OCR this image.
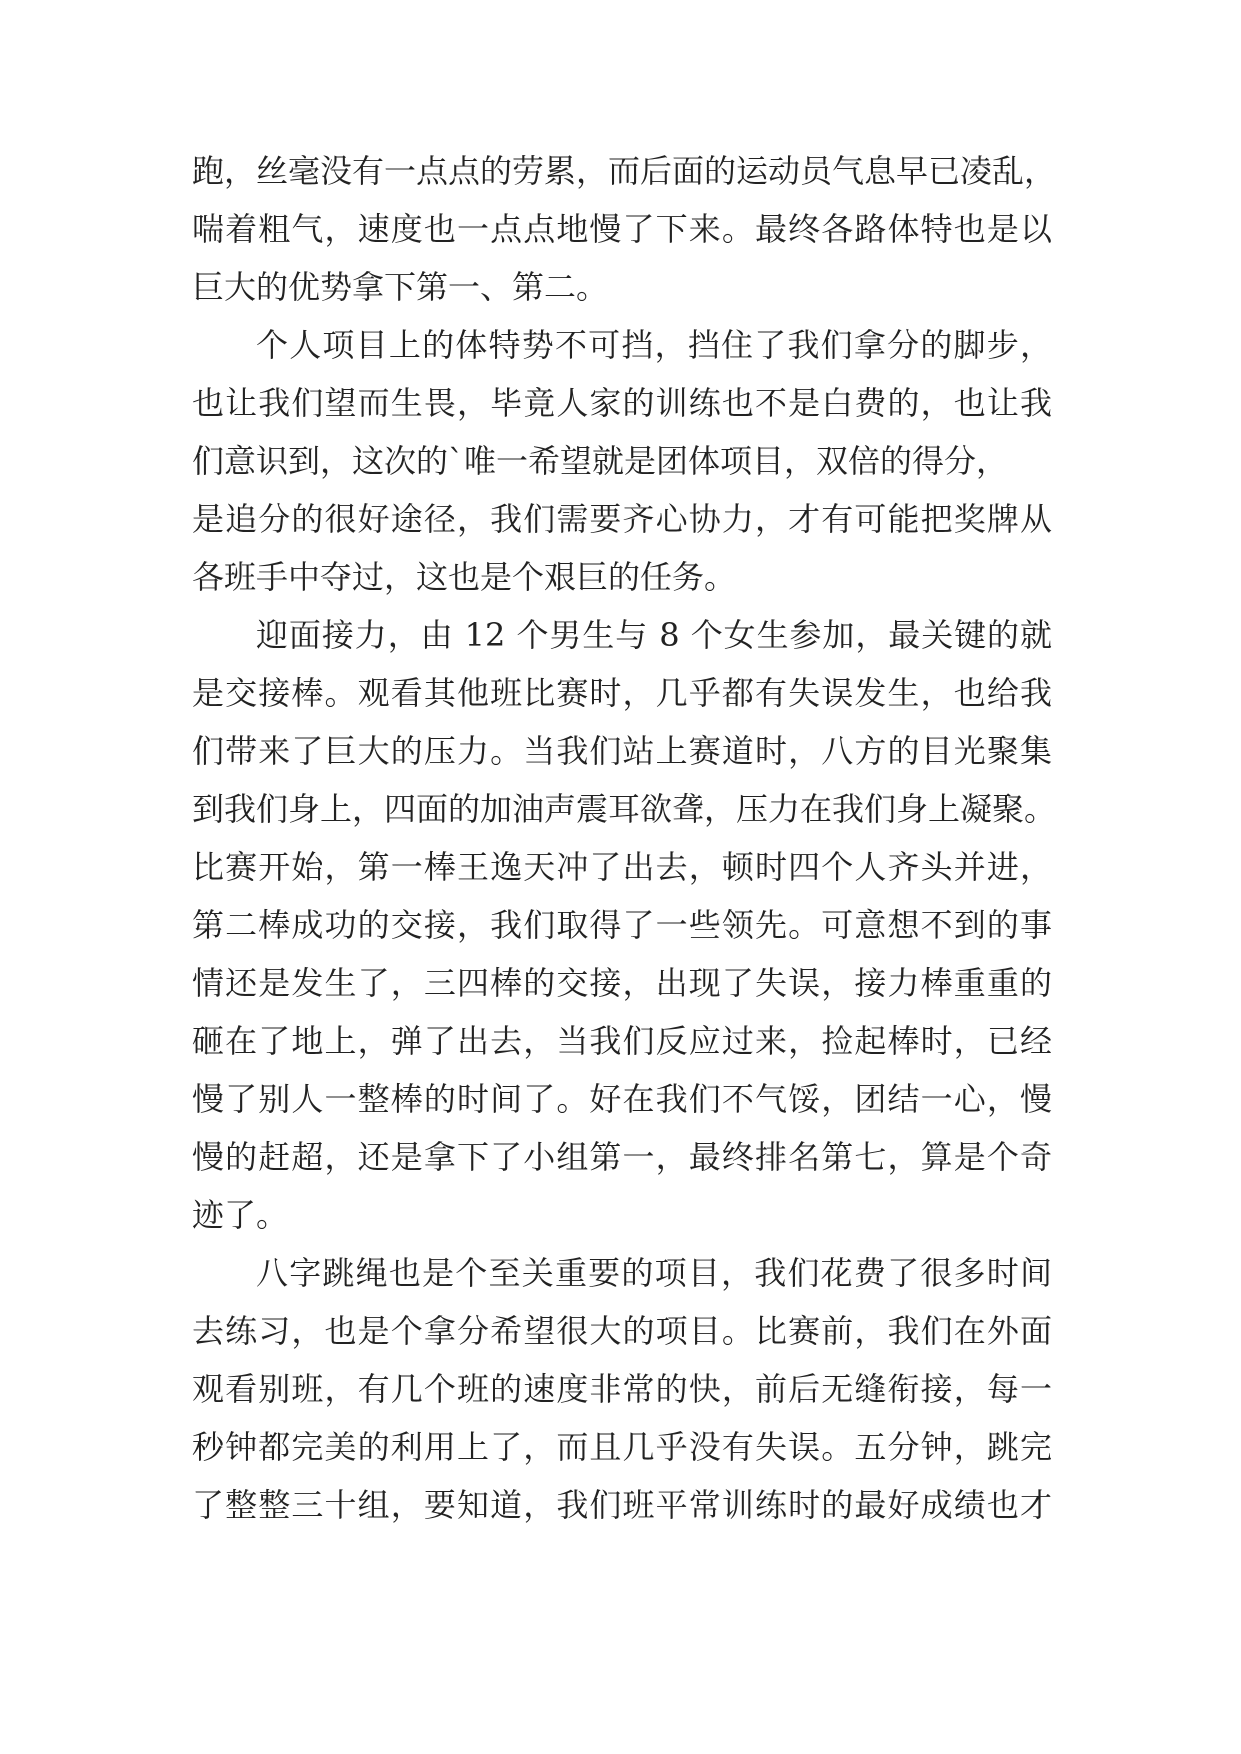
跑，丝毫没有一点点的劳累，而后面的运动员气息早已凌乱，
喘着粗气，速度也一点点地慢了下来。最终各路体特也是以
巨大的优势拿下第一、第二。
个人项目上的体特势不可挡，挡住了我们拿分的脚步，
也让我们望而生畏，毕竟人家的训练也不是白费的，也让我
们意识到，这次的`唯一希望就是团体项目，双倍的得分，
是追分的很好途径，我们需要齐心协力，才有可能把奖牌从
各班手中夺过，这也是个艰巨的任务。
迎面接力，由 12 个男生与 8 个女生参加，最关键的就
是交接棒。观看其他班比赛时，几乎都有失误发生，也给我
们带来了巨大的压力。当我们站上赛道时，八方的目光聚集
到我们身上，四面的加油声震耳欲聋，压力在我们身上凝聚。
比赛开始，第一棒王逸天冲了出去，顿时四个人齐头并进，
第二棒成功的交接，我们取得了一些领先。可意想不到的事
情还是发生了，三四棒的交接，出现了失误，接力棒重重的
砸在了地上，弹了出去，当我们反应过来，捡起棒时，已经
慢了别人一整棒的时间了。好在我们不气馁，团结一心，慢
慢的赶超，还是拿下了小组第一，最终排名第七，算是个奇
迹了。
八字跳绳也是个至关重要的项目，我们花费了很多时间
去练习，也是个拿分希望很大的项目。比赛前，我们在外面
观看别班，有几个班的速度非常的快，前后无缝衔接，每一
秒钟都完美的利用上了，而且几乎没有失误。五分钟，跳完
了整整三十组，要知道，我们班平常训练时的最好成绩也才
